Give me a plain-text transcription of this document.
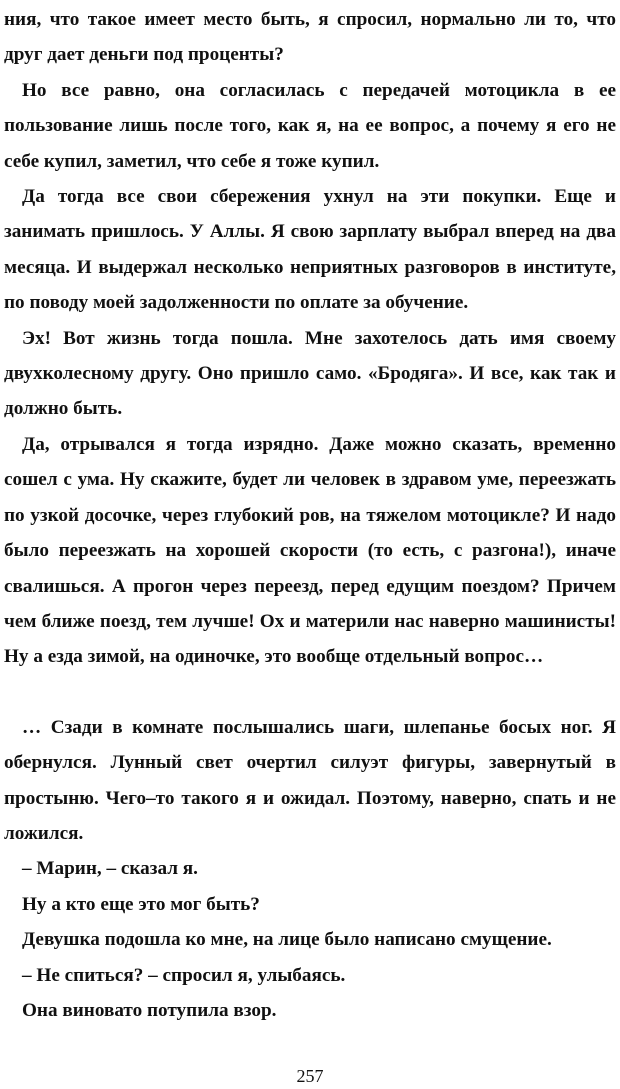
ния, что такое имеет место быть, я спросил, нормально ли то, что друг дает деньги под проценты?

Но все равно, она согласилась с передачей мотоцикла в ее пользование лишь после того, как я, на ее вопрос, а почему я его не себе купил, заметил, что себе я тоже купил.

Да тогда все свои сбережения ухнул на эти покупки. Еще и занимать пришлось. У Аллы. Я свою зарплату выбрал вперед на два месяца. И выдержал несколько неприятных разговоров в институте, по поводу моей задолженности по оплате за обучение.

Эх! Вот жизнь тогда пошла. Мне захотелось дать имя своему двухколесному другу. Оно пришло само. «Бродяга». И все, как так и должно быть.

Да, отрывался я тогда изрядно. Даже можно сказать, временно сошел с ума. Ну скажите, будет ли человек в здравом уме, переезжать по узкой досочке, через глубокий ров, на тяжелом мотоцикле? И надо было переезжать на хорошей скорости (то есть, с разгона!), иначе свалишься. А прогон через переезд, перед едущим поездом? Причем чем ближе поезд, тем лучше! Ох и материли нас наверно машинисты! Ну а езда зимой, на одиночке, это вообще отдельный вопрос…

… Сзади в комнате послышались шаги, шлепанье босых ног. Я обернулся. Лунный свет очертил силуэт фигуры, завернутый в простыню. Чего–то такого я и ожидал. Поэтому, наверно, спать и не ложился.

– Марин, – сказал я.

Ну а кто еще это мог быть?

Девушка подошла ко мне, на лице было написано смущение.

– Не спиться? – спросил я, улыбаясь.

Она виновато потупила взор.

257
